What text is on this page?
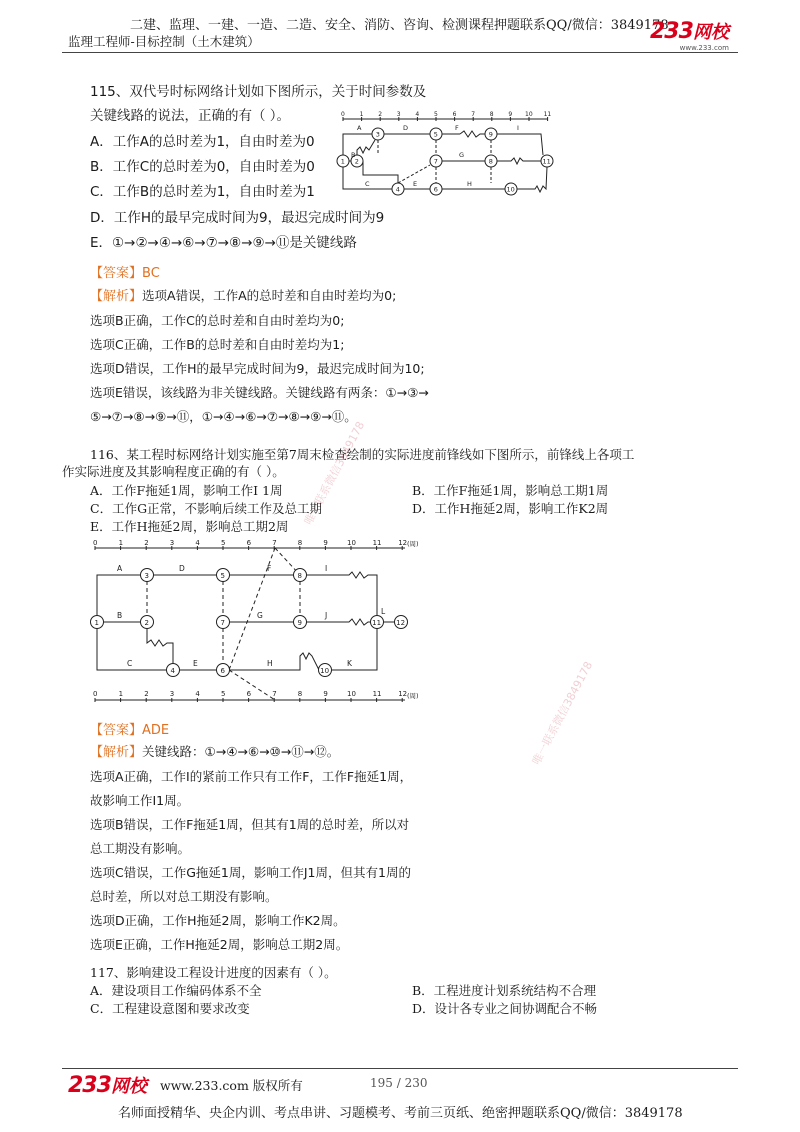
二建、监理、一建、一造、二造、安全、消防、咨询、检测课程押题联系QQ/微信：3849178
监理工程师-目标控制（土木建筑）	233网校
www.233.com
115、双代号时标网络计划如下图所示，关于时间参数及
关键线路的说法，正确的有（ ）。
A．工作A的总时差为1，自由时差为0
B．工作C的总时差为0，自由时差为0
C．工作B的总时差为1，自由时差为1
D．工作H的最早完成时间为9，最迟完成时间为9
E．①→②→④→⑥→⑦→⑧→⑨→⑪是关键线路
0 1 2 3 4 5 6 7 8 9 10 11
1 2
3
4
5
6
7	8
9
10
11
A
B
C
D
E
F
G
H
I
【答案】BC
【解析】选项A错误，工作A的总时差和自由时差均为0;
选项B正确，工作C的总时差和自由时差均为0;
选项C正确，工作B的总时差和自由时差均为1;
选项D错误，工作H的最早完成时间为9，最迟完成时间为10;
选项E错误，该线路为非关键线路。关键线路有两条：①→③→
⑤→⑦→⑧→⑨→⑪，①→④→⑥→⑦→⑧→⑨→⑪。
116、某工程时标网络计划实施至第7周末检查绘制的实际进度前锋线如下图所示，前锋线上各项工
作实际进度及其影响程度正确的有（ ）。
A．工作F拖延1周，影响工作I 1周	B．工作F拖延1周，影响总工期1周
C．工作G正常，不影响后续工作及总工期	D．工作H拖延2周，影响工作K2周
E．工作H拖延2周，影响总工期2周
0	1	2	3	4	5	6	7	8	9	10 11 12
0	1	2	3	4	5	6	7	8	9	10 11 12
(周)
(周)
1	2
3
4
5
6
7
8
9
10
11 12
A
B
C
D
E
F
G
H
I
J
K
L
【答案】ADE
【解析】关键线路：①→④→⑥→⑩→⑪→⑫。
选项A正确，工作I的紧前工作只有工作F，工作F拖延1周，
故影响工作I1周。
选项B错误，工作F拖延1周，但其有1周的总时差，所以对
总工期没有影响。
选项C错误，工作G拖延1周，影响工作J1周，但其有1周的
总时差，所以对总工期没有影响。
选项D正确，工作H拖延2周，影响工作K2周。
选项E正确，工作H拖延2周，影响总工期2周。
117、影响建设工程设计进度的因素有（ ）。
A．建设项目工作编码体系不全	B．工程进度计划系统结构不合理
C．工程建设意图和要求改变	D．设计各专业之间协调配合不畅
唯一联系微信3849178
唯一联系微信3849178
233网校 www.233.com 版权所有	195 / 230
名师面授精华、央企内训、考点串讲、习题模考、考前三页纸、绝密押题联系QQ/微信：3849178
